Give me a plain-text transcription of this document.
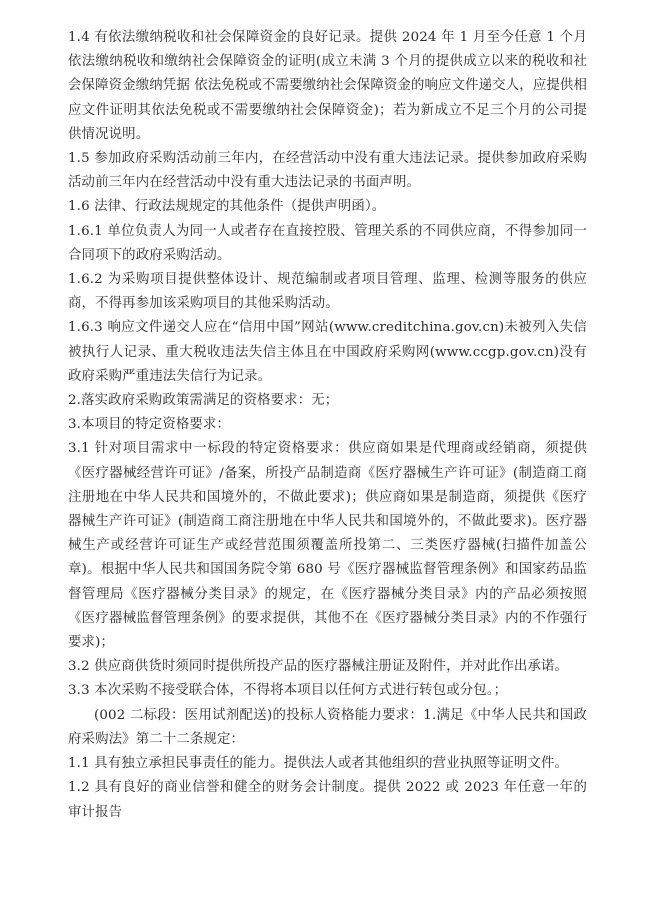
1.4 有依法缴纳税收和社会保障资金的良好记录。提供 2024 年 1 月至今任意 1 个月依法缴纳税收和缴纳社会保障资金的证明(成立未满 3 个月的提供成立以来的税收和社会保障资金缴纳凭据 依法免税或不需要缴纳社会保障资金的响应文件递交人，应提供相应文件证明其依法免税或不需要缴纳社会保障资金)；若为新成立不足三个月的公司提供情况说明。

1.5 参加政府采购活动前三年内，在经营活动中没有重大违法记录。提供参加政府采购活动前三年内在经营活动中没有重大违法记录的书面声明。

1.6 法律、行政法规规定的其他条件（提供声明函）。

1.6.1 单位负责人为同一人或者存在直接控股、管理关系的不同供应商，不得参加同一合同项下的政府采购活动。

1.6.2 为采购项目提供整体设计、规范编制或者项目管理、监理、检测等服务的供应商，不得再参加该采购项目的其他采购活动。

1.6.3 响应文件递交人应在“信用中国”网站(www.creditchina.gov.cn)未被列入失信被执行人记录、重大税收违法失信主体且在中国政府采购网(www.ccgp.gov.cn)没有政府采购严重违法失信行为记录。

2.落实政府采购政策需满足的资格要求：无；

3.本项目的特定资格要求：

3.1 针对项目需求中一标段的特定资格要求：供应商如果是代理商或经销商，须提供《医疗器械经营许可证》/备案，所投产品制造商《医疗器械生产许可证》(制造商工商注册地在中华人民共和国境外的，不做此要求)；供应商如果是制造商，须提供《医疗器械生产许可证》(制造商工商注册地在中华人民共和国境外的，不做此要求)。医疗器械生产或经营许可证生产或经营范围须覆盖所投第二、三类医疗器械(扫描件加盖公章)。根据中华人民共和国国务院令第 680 号《医疗器械监督管理条例》和国家药品监督管理局《医疗器械分类目录》的规定，在《医疗器械分类目录》内的产品必须按照《医疗器械监督管理条例》的要求提供，其他不在《医疗器械分类目录》内的不作强行要求)；

3.2 供应商供货时须同时提供所投产品的医疗器械注册证及附件，并对此作出承诺。

3.3 本次采购不接受联合体，不得将本项目以任何方式进行转包或分包。；

(002 二标段：医用试剂配送)的投标人资格能力要求：1.满足《中华人民共和国政府采购法》第二十二条规定：

1.1 具有独立承担民事责任的能力。提供法人或者其他组织的营业执照等证明文件。

1.2 具有良好的商业信誉和健全的财务会计制度。提供 2022 或 2023 年任意一年的审计报告
